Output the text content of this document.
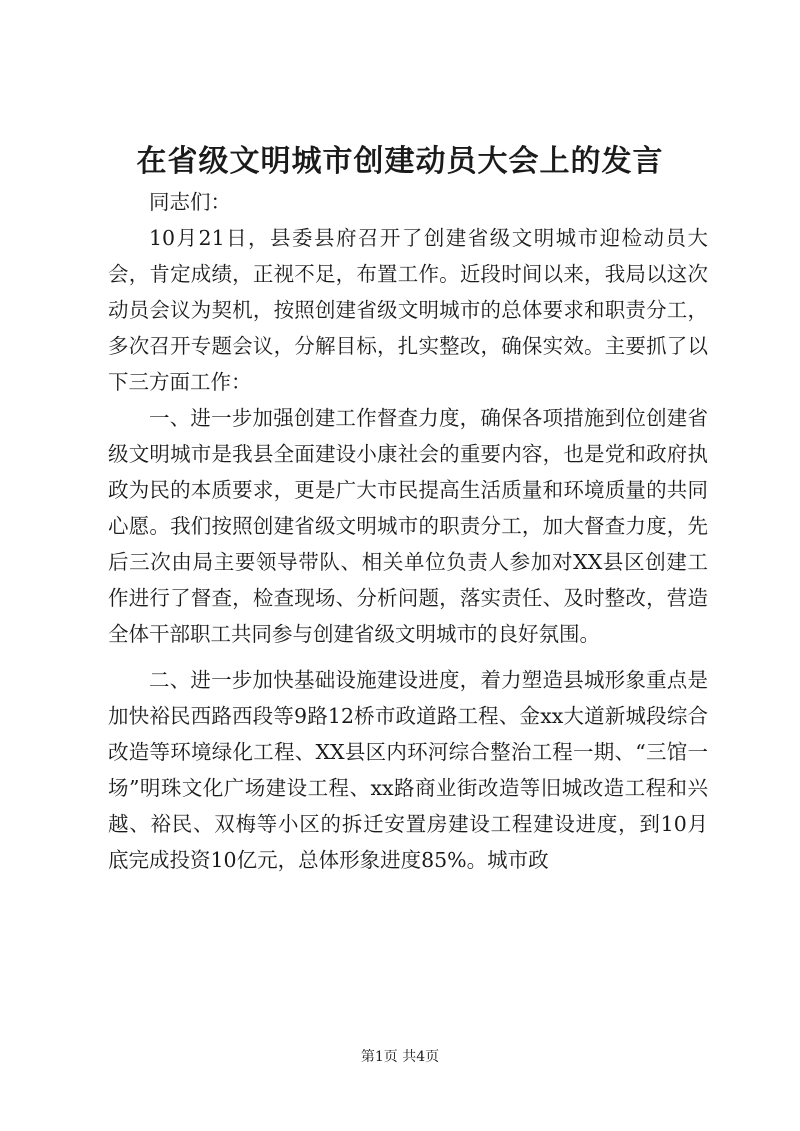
在省级文明城市创建动员大会上的发言

同志们：

10月21日，县委县府召开了创建省级文明城市迎检动员大会，肯定成绩，正视不足，布置工作。近段时间以来，我局以这次动员会议为契机，按照创建省级文明城市的总体要求和职责分工，多次召开专题会议，分解目标，扎实整改，确保实效。主要抓了以下三方面工作：

一、进一步加强创建工作督查力度，确保各项措施到位创建省级文明城市是我县全面建设小康社会的重要内容，也是党和政府执政为民的本质要求，更是广大市民提高生活质量和环境质量的共同心愿。我们按照创建省级文明城市的职责分工，加大督查力度，先后三次由局主要领导带队、相关单位负责人参加对XX县区创建工作进行了督查，检查现场、分析问题，落实责任、及时整改，营造全体干部职工共同参与创建省级文明城市的良好氛围。

二、进一步加快基础设施建设进度，着力塑造县城形象重点是加快裕民西路西段等9路12桥市政道路工程、金xx大道新城段综合改造等环境绿化工程、XX县区内环河综合整治工程一期、“三馆一场”明珠文化广场建设工程、xx路商业街改造等旧城改造工程和兴越、裕民、双梅等小区的拆迁安置房建设工程建设进度，到10月底完成投资10亿元，总体形象进度85%。城市政

第1页 共4页
